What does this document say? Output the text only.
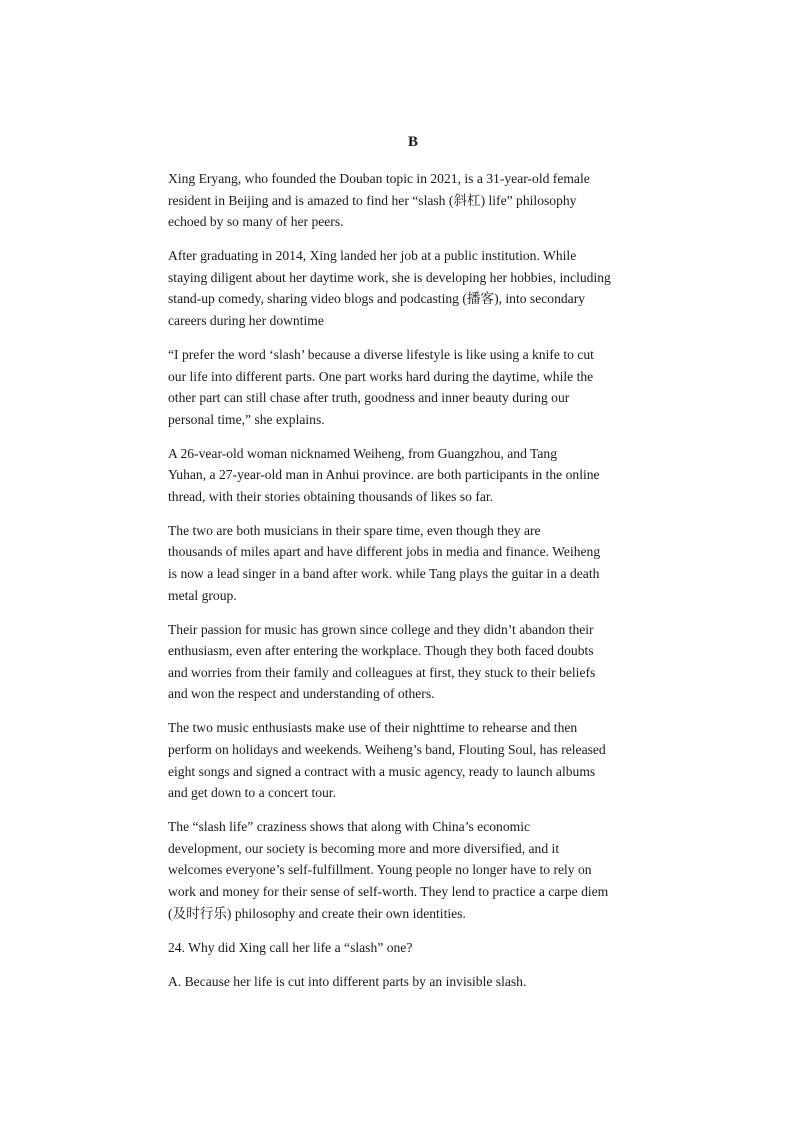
B
Xing Eryang, who founded the Douban topic in 2021, is a 31-year-old female
resident in Beijing and is amazed to find her “slash (斜杠) life” philosophy
echoed by so many of her peers.
After graduating in 2014, Xing landed her job at a public institution. While
staying diligent about her daytime work, she is developing her hobbies, including
stand-up comedy, sharing video blogs and podcasting (播客), into secondary
careers during her downtime
“I prefer the word ‘slash’ because a diverse lifestyle is like using a knife to cut
our life into different parts. One part works hard during the daytime, while the
other part can still chase after truth, goodness and inner beauty during our
personal time,” she explains.
A 26-vear-old woman nicknamed Weiheng, from Guangzhou, and Tang
Yuhan, a 27-year-old man in Anhui province. are both participants in the online
thread, with their stories obtaining thousands of likes so far.
The two are both musicians in their spare time, even though they are
thousands of miles apart and have different jobs in media and finance. Weiheng
is now a lead singer in a band after work. while Tang plays the guitar in a death
metal group.
Their passion for music has grown since college and they didn’t abandon their
enthusiasm, even after entering the workplace. Though they both faced doubts
and worries from their family and colleagues at first, they stuck to their beliefs
and won the respect and understanding of others.
The two music enthusiasts make use of their nighttime to rehearse and then
perform on holidays and weekends. Weiheng’s band, Flouting Soul, has released
eight songs and signed a contract with a music agency, ready to launch albums
and get down to a concert tour.
The “slash life” craziness shows that along with China’s economic
development, our society is becoming more and more diversified, and it
welcomes everyone’s self-fulfillment. Young people no longer have to rely on
work and money for their sense of self-worth. They lend to practice a carpe diem
(及时行乐) philosophy and create their own identities.
24. Why did Xing call her life a “slash” one?
A. Because her life is cut into different parts by an invisible slash.
